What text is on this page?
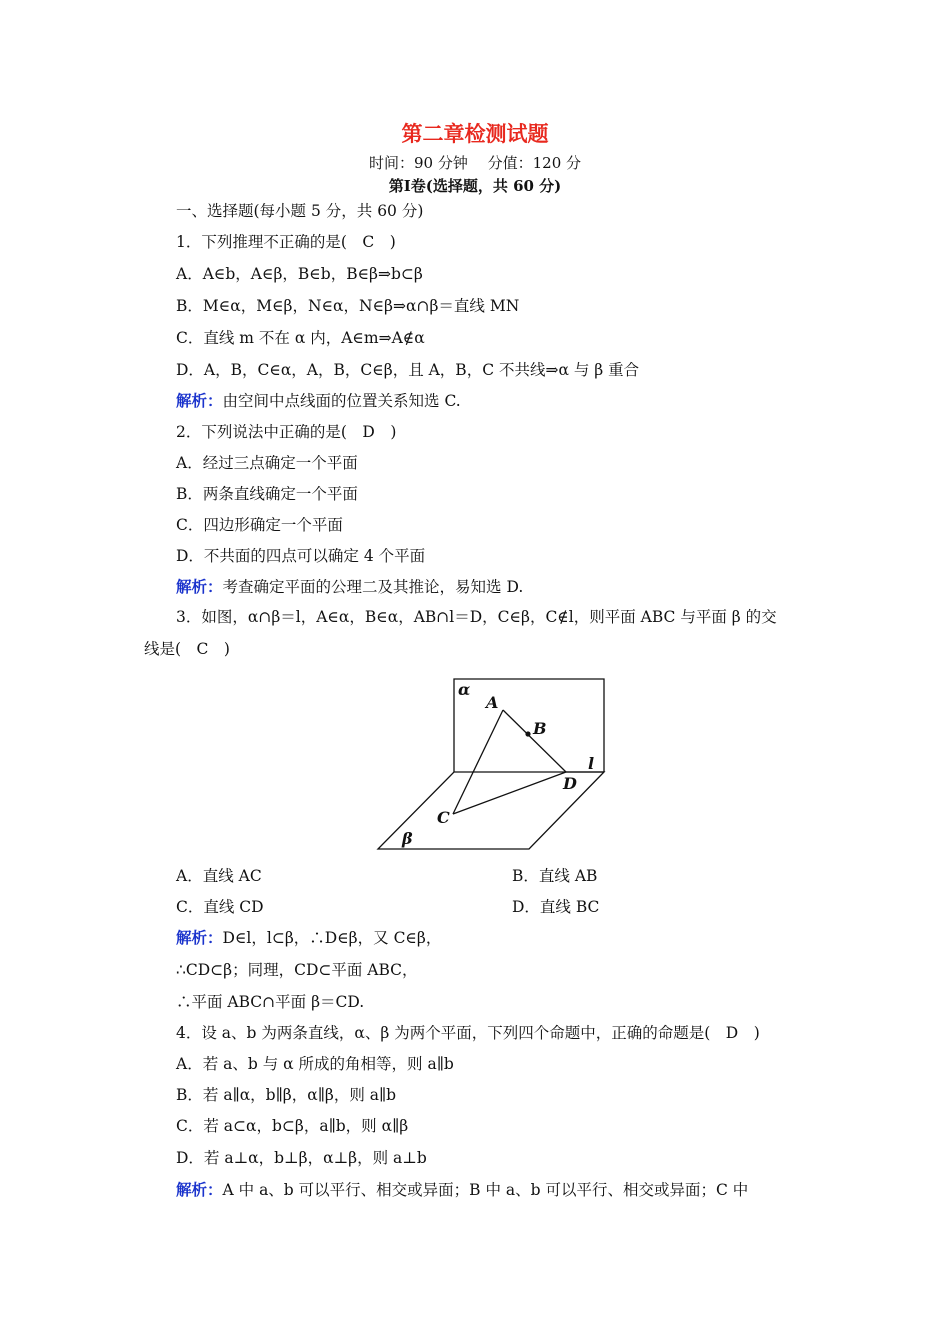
第二章检测试题
时间：90 分钟　 分值：120 分
第Ⅰ卷(选择题，共 60 分)
一、选择题(每小题 5 分，共 60 分)
1．下列推理不正确的是(　C　)
A．A∈b，A∈β，B∈b，B∈β⇒b⊂β
B．M∈α，M∈β，N∈α，N∈β⇒α∩β＝直线 MN
C．直线 m 不在 α 内，A∈m⇒A∉α
D．A，B，C∈α，A，B，C∈β，且 A，B，C 不共线⇒α 与 β 重合
解析：由空间中点线面的位置关系知选 C.
2．下列说法中正确的是(　D　)
A．经过三点确定一个平面
B．两条直线确定一个平面
C．四边形确定一个平面
D．不共面的四点可以确定 4 个平面
解析：考查确定平面的公理二及其推论，易知选 D.
3．如图，α∩β＝l，A∈α，B∈α，AB∩l＝D，C∈β，C∉l，则平面 ABC 与平面 β 的交
线是(　C　)
α
A
B
l
D
C
β
A．直线 AC	B．直线 AB
C．直线 CD	D．直线 BC
解析：D∈l，l⊂β，∴D∈β，又 C∈β，
∴CD⊂β；同理，CD⊂平面 ABC，
∴平面 ABC∩平面 β＝CD.
4．设 a、b 为两条直线，α、β 为两个平面，下列四个命题中，正确的命题是(　D　)
A．若 a、b 与 α 所成的角相等，则 a∥b
B．若 a∥α，b∥β，α∥β，则 a∥b
C．若 a⊂α，b⊂β，a∥b，则 α∥β
D．若 a⊥α，b⊥β，α⊥β，则 a⊥b
解析：A 中 a、b 可以平行、相交或异面；B 中 a、b 可以平行、相交或异面；C 中
